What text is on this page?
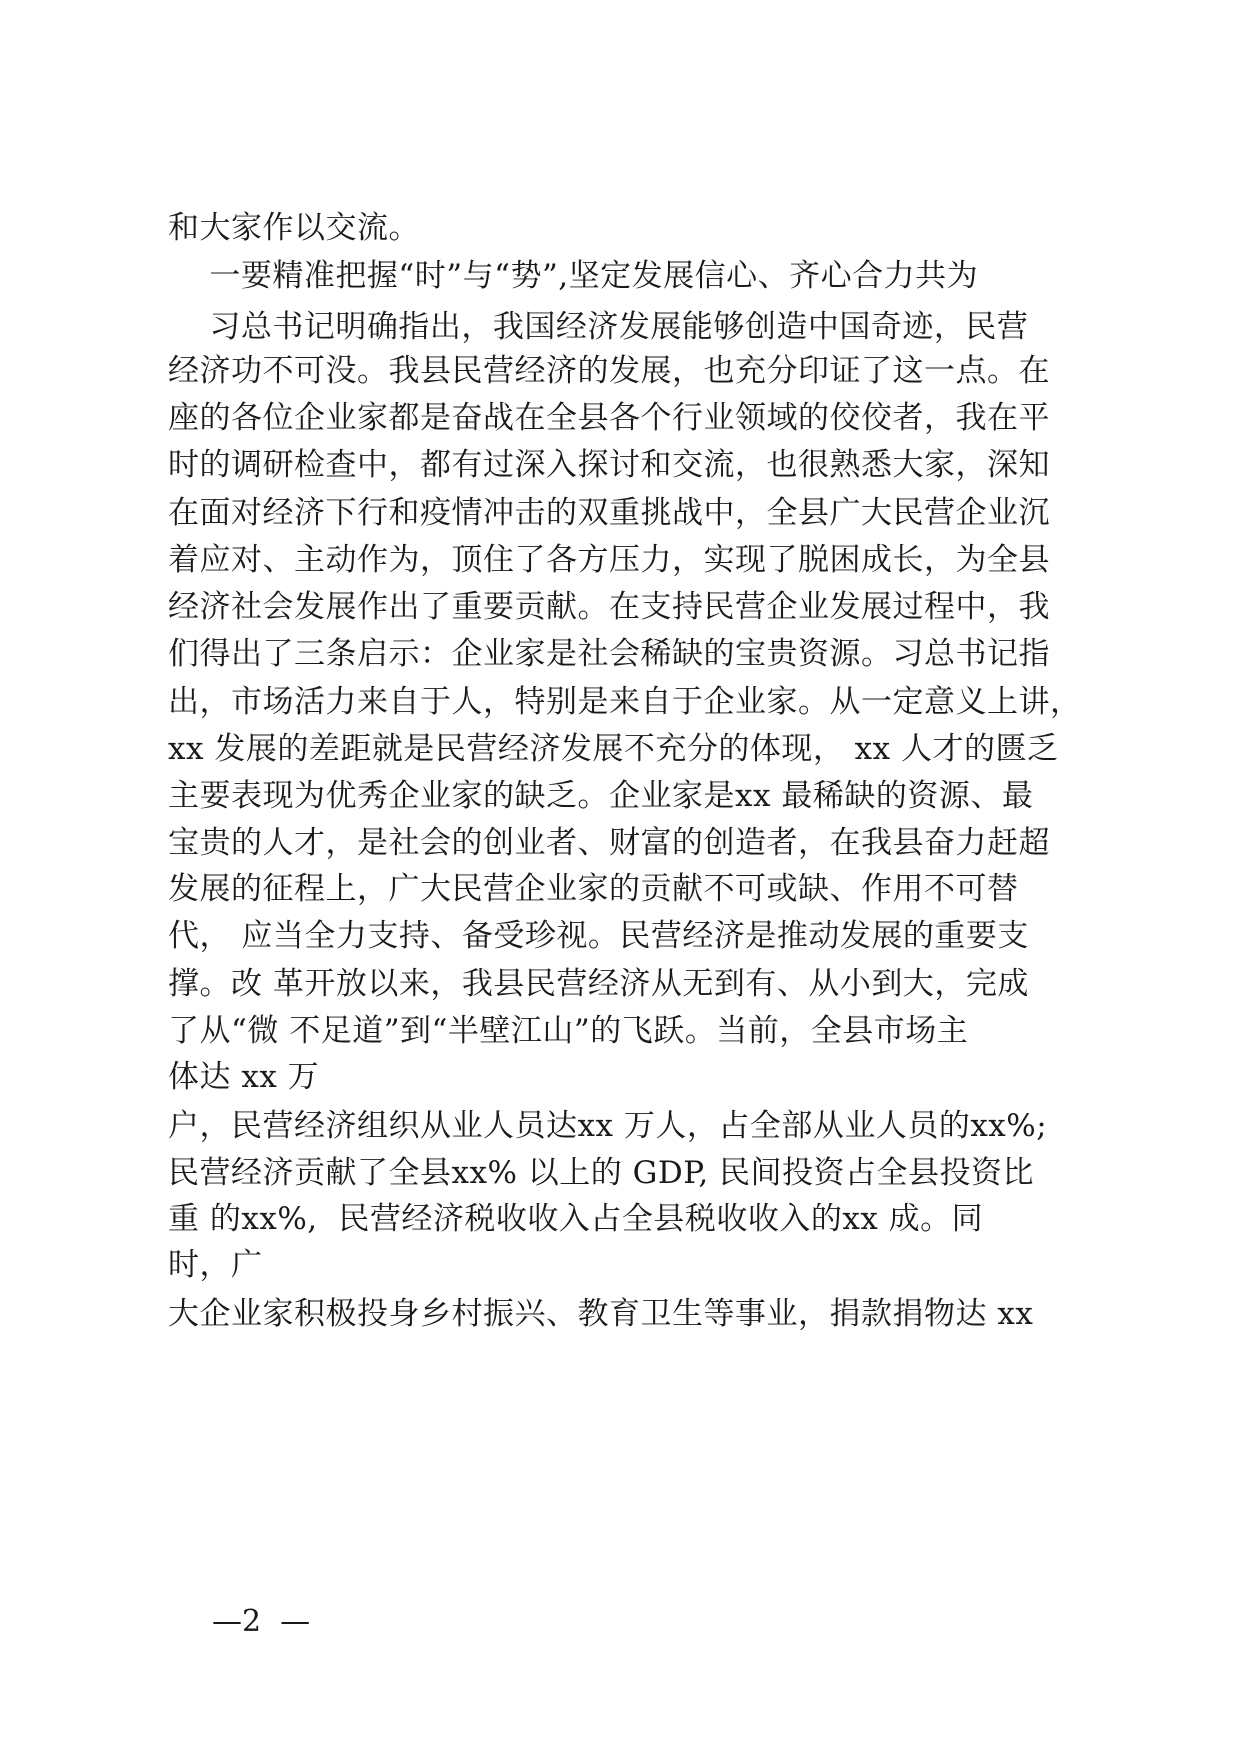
和大家作以交流。
一要精准把握“时”与“势”,坚定发展信心、齐心合力共为
习总书记明确指出，我国经济发展能够创造中国奇迹，民营
经济功不可没。我县民营经济的发展，也充分印证了这一点。在
座的各位企业家都是奋战在全县各个行业领域的佼佼者，我在平
时的调研检查中，都有过深入探讨和交流，也很熟悉大家，深知
在面对经济下行和疫情冲击的双重挑战中，全县广大民营企业沉
着应对、主动作为，顶住了各方压力，实现了脱困成长，为全县
经济社会发展作出了重要贡献。在支持民营企业发展过程中，我
们得出了三条启示：企业家是社会稀缺的宝贵资源。习总书记指
出，市场活力来自于人，特别是来自于企业家。从一定意义上讲，
xx 发展的差距就是民营经济发展不充分的体现， xx 人才的匮乏
主要表现为优秀企业家的缺乏。企业家是xx 最稀缺的资源、最
宝贵的人才，是社会的创业者、财富的创造者，在我县奋力赶超
发展的征程上，广大民营企业家的贡献不可或缺、作用不可替
代， 应当全力支持、备受珍视。民营经济是推动发展的重要支
撑。改 革开放以来，我县民营经济从无到有、从小到大，完成
了从“微 不足道”到“半壁江山”的飞跃。当前，全县市场主
体达 xx 万
户，民营经济组织从业人员达xx 万人，占全部从业人员的xx%;
民营经济贡献了全县xx% 以上的 GDP, 民间投资占全县投资比
重 的xx%,  民营经济税收收入占全县税收收入的xx 成。同
时，广
大企业家积极投身乡村振兴、教育卫生等事业，捐款捐物达 xx
—2  —
